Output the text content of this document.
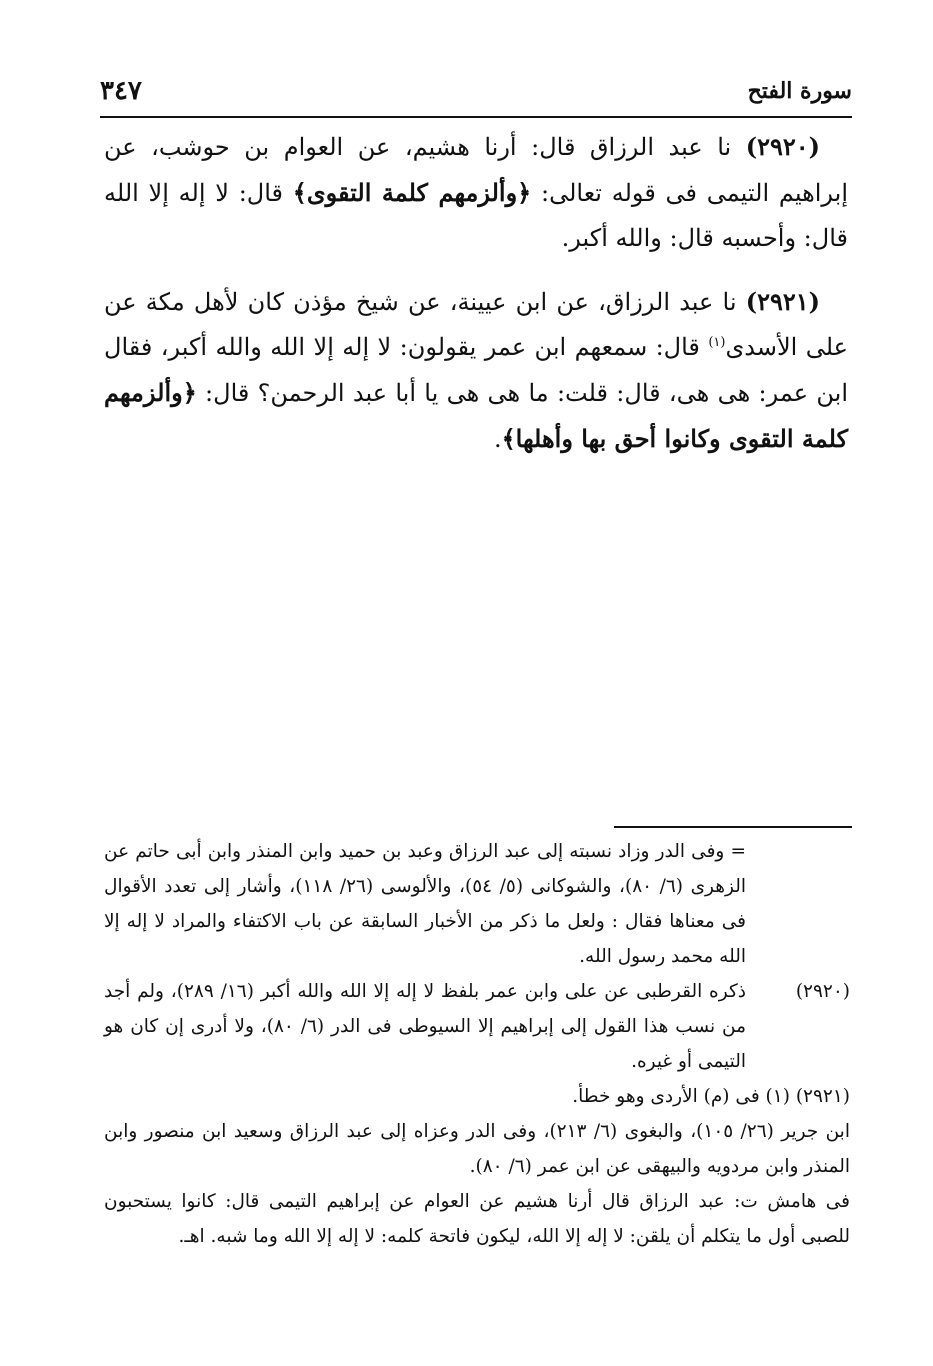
سورة الفتح
٣٤٧

(٢٩٢٠) نا عبد الرزاق قال: أرنا هشيم، عن العوام بن حوشب، عن إبراهيم التيمى فى قوله تعالى: ﴿وألزمهم كلمة التقوى﴾ قال: لا إله إلا الله قال: وأحسبه قال: والله أكبر.

(٢٩٢١) نا عبد الرزاق، عن ابن عيينة، عن شيخ مؤذن كان لأهل مكة عن على الأسدى$^{(١)}$ قال: سمعهم ابن عمر يقولون: لا إله إلا الله والله أكبر، فقال ابن عمر: هى هى، قال: قلت: ما هى هى يا أبا عبد الرحمن؟ قال: ﴿وألزمهم كلمة التقوى وكانوا أحق بها وأهلها﴾.

= وفى الدر وزاد نسبته إلى عبد الرزاق وعبد بن حميد وابن المنذر وابن أبى حاتم عن الزهرى (٦/ ٨٠)، والشوكانى (٥/ ٥٤)، والألوسى (٢٦/ ١١٨)، وأشار إلى تعدد الأقوال فى معناها فقال : ولعل ما ذكر من الأخبار السابقة عن باب الاكتفاء والمراد لا إله إلا الله محمد رسول الله.
(٢٩٢٠)
ذكره القرطبى عن على وابن عمر بلفظ لا إله إلا الله والله أكبر (١٦/ ٢٨٩)، ولم أجد من نسب هذا القول إلى إبراهيم إلا السيوطى فى الدر (٦/ ٨٠)، ولا أدرى إن كان هو التيمى أو غيره.
(٢٩٢١)

(١) فى (م) الأردى وهو خطأ.
ابن جرير (٢٦/ ١٠٥)، والبغوى (٦/ ٢١٣)، وفى الدر وعزاه إلى عبد الرزاق وسعيد ابن منصور وابن المنذر وابن مردويه والبيهقى عن ابن عمر (٦/ ٨٠).
فى هامش ت: عبد الرزاق قال أرنا هشيم عن العوام عن إبراهيم التيمى قال: كانوا يستحبون للصبى أول ما يتكلم أن يلقن: لا إله إلا الله، ليكون فاتحة كلمه: لا إله إلا الله وما شبه. اهـ.
